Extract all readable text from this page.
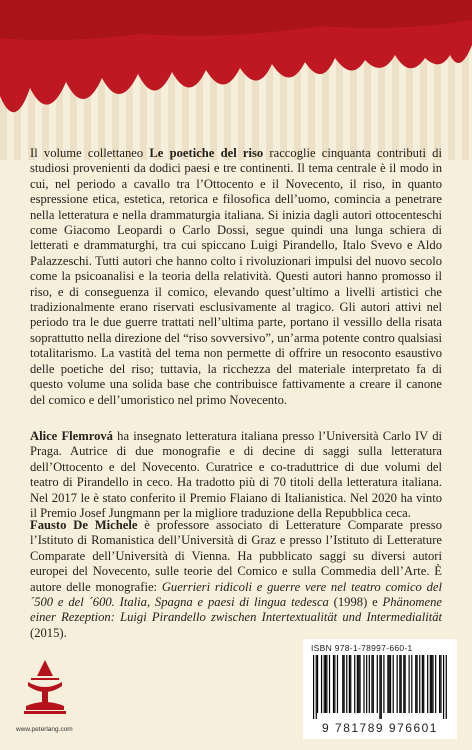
Il volume collettaneo Le poetiche del riso raccoglie cinquanta contributi di studiosi provenienti da dodici paesi e tre continenti. Il tema centrale è il modo in cui, nel periodo a cavallo tra l’Ottocento e il Novecento, il riso, in quanto espressione etica, estetica, retorica e filosofica dell’uomo, comincia a penetrare nella letteratura e nella drammaturgia italiana. Si inizia dagli autori ottocenteschi come Giacomo Leopardi o Carlo Dossi, segue quindi una lunga schiera di letterati e drammaturghi, tra cui spiccano Luigi Pirandello, Italo Svevo e Aldo Palazzeschi. Tutti autori che hanno colto i rivoluzionari impulsi del nuovo secolo come la psicoanalisi e la teoria della relatività. Questi autori hanno promosso il riso, e di conseguenza il comico, elevando quest’ultimo a livelli artistici che tradizionalmente erano riservati esclusivamente al tragico. Gli autori attivi nel periodo tra le due guerre trattati nell’ultima parte, portano il vessillo della risata soprattutto nella direzione del “riso sovversivo”, un’arma potente contro qualsiasi totalitarismo. La vastità del tema non permette di offrire un resoconto esaustivo delle poetiche del riso; tuttavia, la ricchezza del materiale interpretato fa di questo volume una solida base che contribuisce fattivamente a creare il canone del comico e dell’umoristico nel primo Novecento.

Alice Flemrová ha insegnato letteratura italiana presso l’Università Carlo IV di Praga. Autrice di due monografie e di decine di saggi sulla letteratura dell’Ottocento e del Novecento. Curatrice e co-traduttrice di due volumi del teatro di Pirandello in ceco. Ha tradotto più di 70 titoli della letteratura italiana. Nel 2017 le è stato conferito il Premio Flaiano di Italianistica. Nel 2020 ha vinto il Premio Josef Jungmann per la migliore traduzione della Repubblica ceca.

Fausto De Michele è professore associato di Letterature Comparate presso l’Istituto di Romanistica dell’Università di Graz e presso l’Istituto di Letterature Comparate dell’Università di Vienna. Ha pubblicato saggi su diversi autori europei del Novecento, sulle teorie del Comico e sulla Commedia dell’Arte. È autore delle monografie: Guerrieri ridicoli e guerre vere nel teatro comico del ´500 e del ´600. Italia, Spagna e paesi di lingua tedesca (1998) e Phänomene einer Rezeption: Luigi Pirandello zwischen Intertextualität und Intermedialität (2015).

www.peterlang.com
ISBN 978-1-78997-660-1
9 781789 976601
